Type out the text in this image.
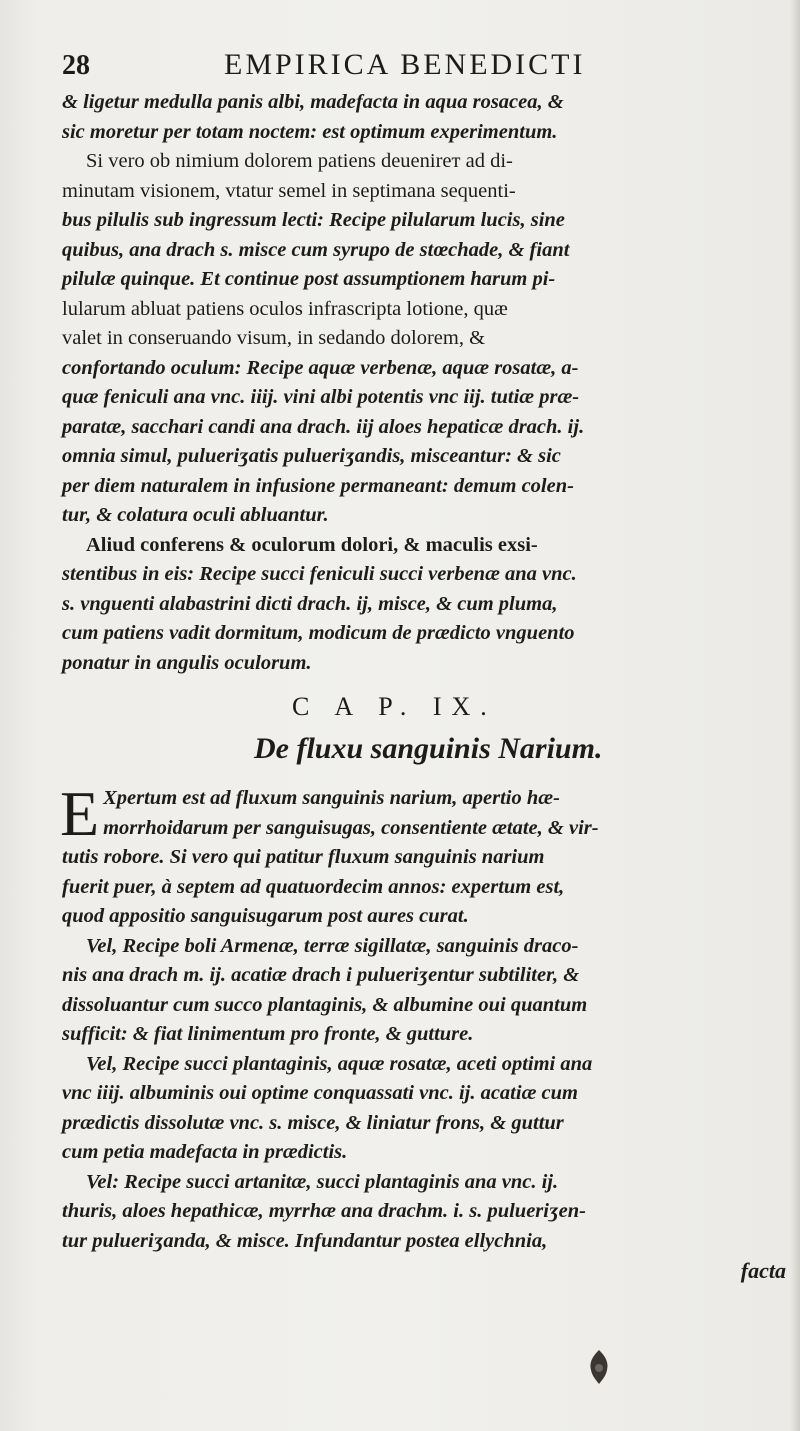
28	EMPIRICA BENEDICTI

& ligetur medulla panis albi, madefacta in aqua rosacea, &
sic moretur per totam noctem: est optimum experimentum.
Si vero ob nimium dolorem patiens deuenirет ad di-
minutam visionem, vtatur semel in septimana sequenti-
bus pilulis sub ingressum lecti: Recipe pilularum lucis, sine
quibus, ana drach s. misce cum syrupo de stœchade, & fiant
pilulæ quinque. Et continue post assumptionem harum pi-
lularum abluat patiens oculos infrascripta lotione, quæ
valet in conseruando visum, in sedando dolorem, &
confortando oculum: Recipe aquæ verbenæ, aquæ rosatæ, a-
quæ feniculi ana vnc. iiij. vini albi potentis vnc iij. tutiæ præ-
paratæ, sacchari candi ana drach. iij aloes hepaticæ drach. ij.
omnia simul, pulueriʒatis pulueriʒandis, misceantur: & sic
per diem naturalem in infusione permaneant: demum colen-
tur, & colatura oculi abluantur.

Aliud conferens & oculorum dolori, & maculis exsi-
stentibus in eis: Recipe succi feniculi succi verbenæ ana vnc.
s. vnguenti alabastrini dicti drach. ij, misce, & cum pluma,
cum patiens vadit dormitum, modicum de prædicto vnguento
ponatur in angulis oculorum.

C A P. IX.
De fluxu sanguinis Narium.

E Xpertum est ad fluxum sanguinis narium, apertio hæ-
morrhoidarum per sanguisugas, consentiente ætate, & vir-
tutis robore. Si vero qui patitur fluxum sanguinis narium
fuerit puer, à septem ad quatuordecim annos: expertum est,
quod appositio sanguisugarum post aures curat.

Vel, Recipe boli Armenæ, terræ sigillatæ, sanguinis draco-
nis ana drach m. ij. acatiæ drach i pulueriʒentur subtiliter, &
dissoluantur cum succo plantaginis, & albumine oui quantum
sufficit: & fiat linimentum pro fronte, & gutture.

Vel, Recipe succi plantaginis, aquæ rosatæ, aceti optimi ana
vnc iiij. albuminis oui optime conquassati vnc. ij. acatiæ cum
prædictis dissolutæ vnc. s. misce, & liniatur frons, & guttur
cum petia madefacta in prædictis.

Vel: Recipe succi artanitæ, succi plantaginis ana vnc. ij.
thuris, aloes hepathicæ, myrrhæ ana drachm. i. s. pulueriʒen-
tur pulueriʒanda, & misce. Infundantur postea ellychnia,

facta
